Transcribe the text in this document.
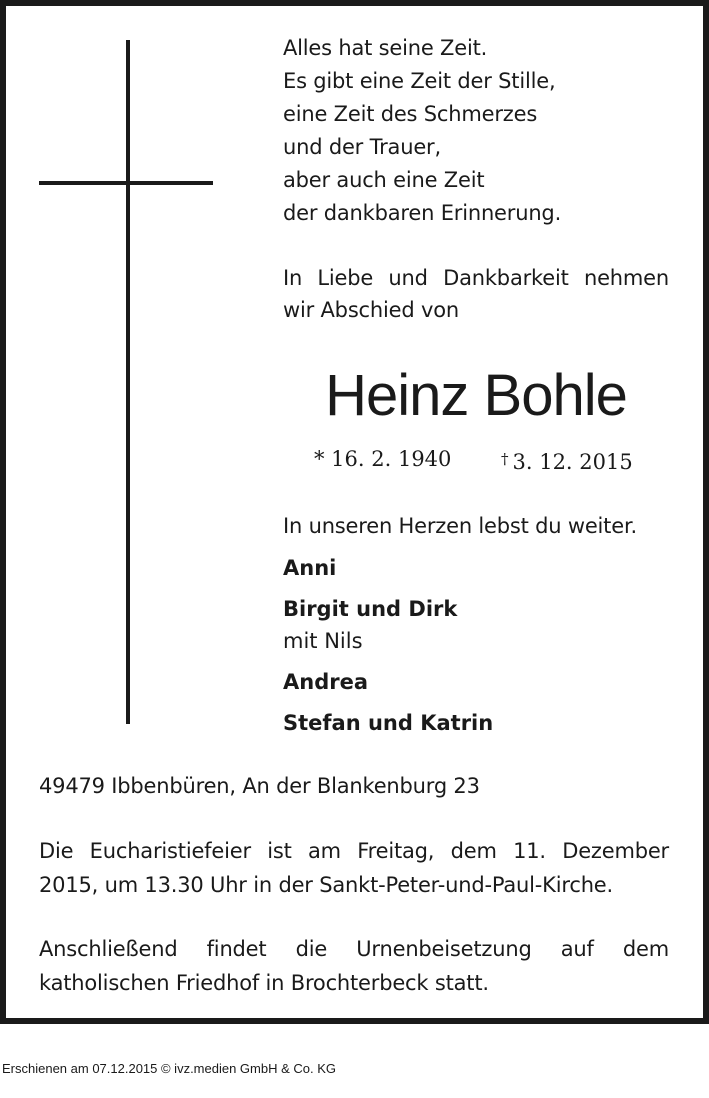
Alles hat seine Zeit.
Es gibt eine Zeit der Stille,
eine Zeit des Schmerzes
und der Trauer,
aber auch eine Zeit
der dankbaren Erinnerung.
In Liebe und Dankbarkeit nehmen
wir Abschied von
Heinz Bohle
* 16. 2. 1940	† 3. 12. 2015
In unseren Herzen lebst du weiter.
Anni
Birgit und Dirk
mit Nils
Andrea
Stefan und Katrin
49479 Ibbenbüren, An der Blankenburg 23
Die Eucharistiefeier ist am Freitag, dem 11. Dezember
2015, um 13.30 Uhr in der Sankt-Peter-und-Paul-Kirche.
Anschließend findet die Urnenbeisetzung auf dem
katholischen Friedhof in Brochterbeck statt.
Erschienen am 07.12.2015 © ivz.medien GmbH & Co. KG
